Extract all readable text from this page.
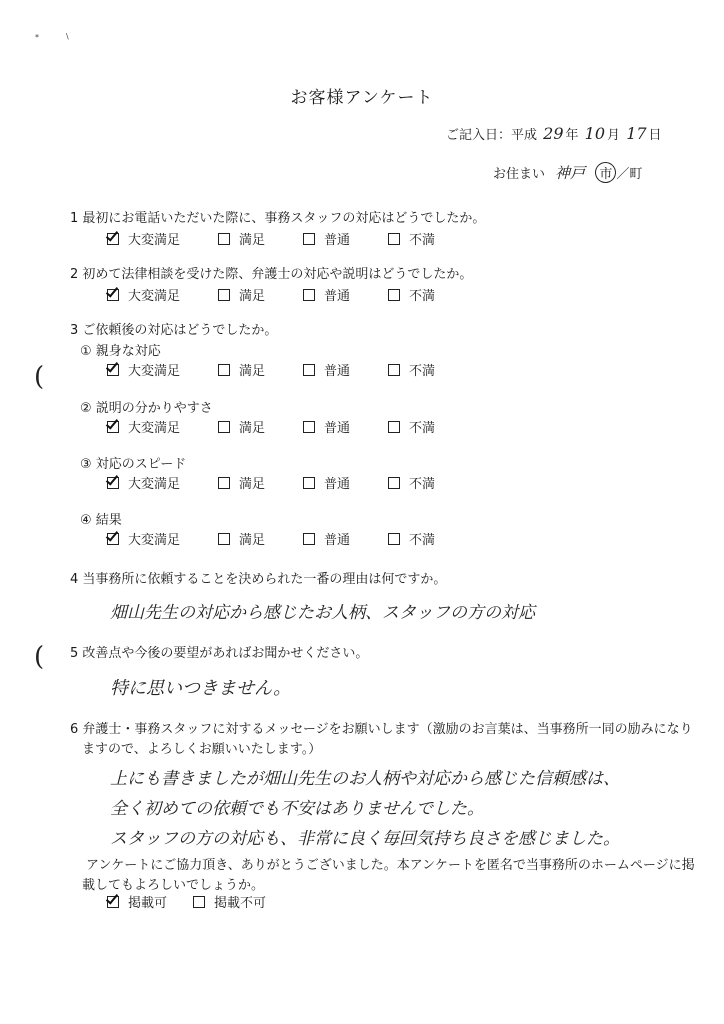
*	\
お客様アンケート
ご記入日：平成 29 年 10 月 17 日
お住まい 神戸 市 ／町
1 最初にお電話いただいた際に、事務スタッフの対応はどうでしたか。
大変満足	満足	普通	不満
2 初めて法律相談を受けた際、弁護士の対応や説明はどうでしたか。
大変満足	満足	普通	不満
3 ご依頼後の対応はどうでしたか。
① 親身な対応
大変満足	満足	普通	不満
② 説明の分かりやすさ
大変満足	満足	普通	不満
③ 対応のスピード
大変満足	満足	普通	不満
④ 結果
大変満足	満足	普通	不満
(
(
4 当事務所に依頼することを決められた一番の理由は何ですか。
畑山先生の対応から感じたお人柄、スタッフの方の対応
5 改善点や今後の要望があればお聞かせください。
特に思いつきません。
6 弁護士・事務スタッフに対するメッセージをお願いします（激励のお言葉は、当事務所一同の励みになり
ますので、よろしくお願いいたします。）
上にも書きましたが畑山先生のお人柄や対応から感じた信頼感は、
全く初めての依頼でも不安はありませんでした。
スタッフの方の対応も、非常に良く毎回気持ち良さを感じました。
アンケートにご協力頂き、ありがとうございました。本アンケートを匿名で当事務所のホームページに掲
載してもよろしいでしょうか。
掲載可	掲載不可
